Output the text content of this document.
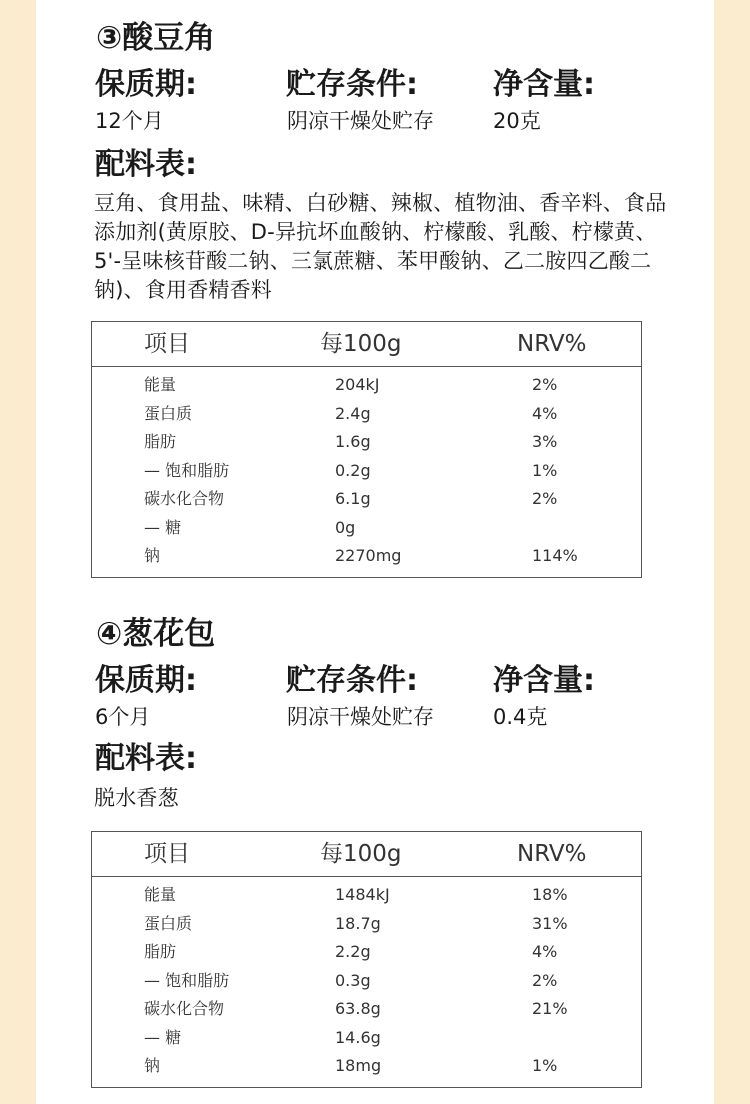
③酸豆角
保质期:	贮存条件:	净含量:
12个月	阴凉干燥处贮存	20克
配料表:
豆角、食用盐、味精、白砂糖、辣椒、植物油、香辛料、食品添加剂(黄原胶、D-异抗坏血酸钠、柠檬酸、乳酸、柠檬黄、5'-呈味核苷酸二钠、三氯蔗糖、苯甲酸钠、乙二胺四乙酸二钠)、食用香精香料
项目	每100g	NRV%
能量	204kJ	2%
蛋白质	2.4g	4%
脂肪	1.6g	3%
— 饱和脂肪	0.2g	1%
碳水化合物	6.1g	2%
— 糖	0g
钠	2270mg	114%
④葱花包
保质期:	贮存条件:	净含量:
6个月	阴凉干燥处贮存	0.4克
配料表:
脱水香葱
项目	每100g	NRV%
能量	1484kJ	18%
蛋白质	18.7g	31%
脂肪	2.2g	4%
— 饱和脂肪	0.3g	2%
碳水化合物	63.8g	21%
— 糖	14.6g
钠	18mg	1%
